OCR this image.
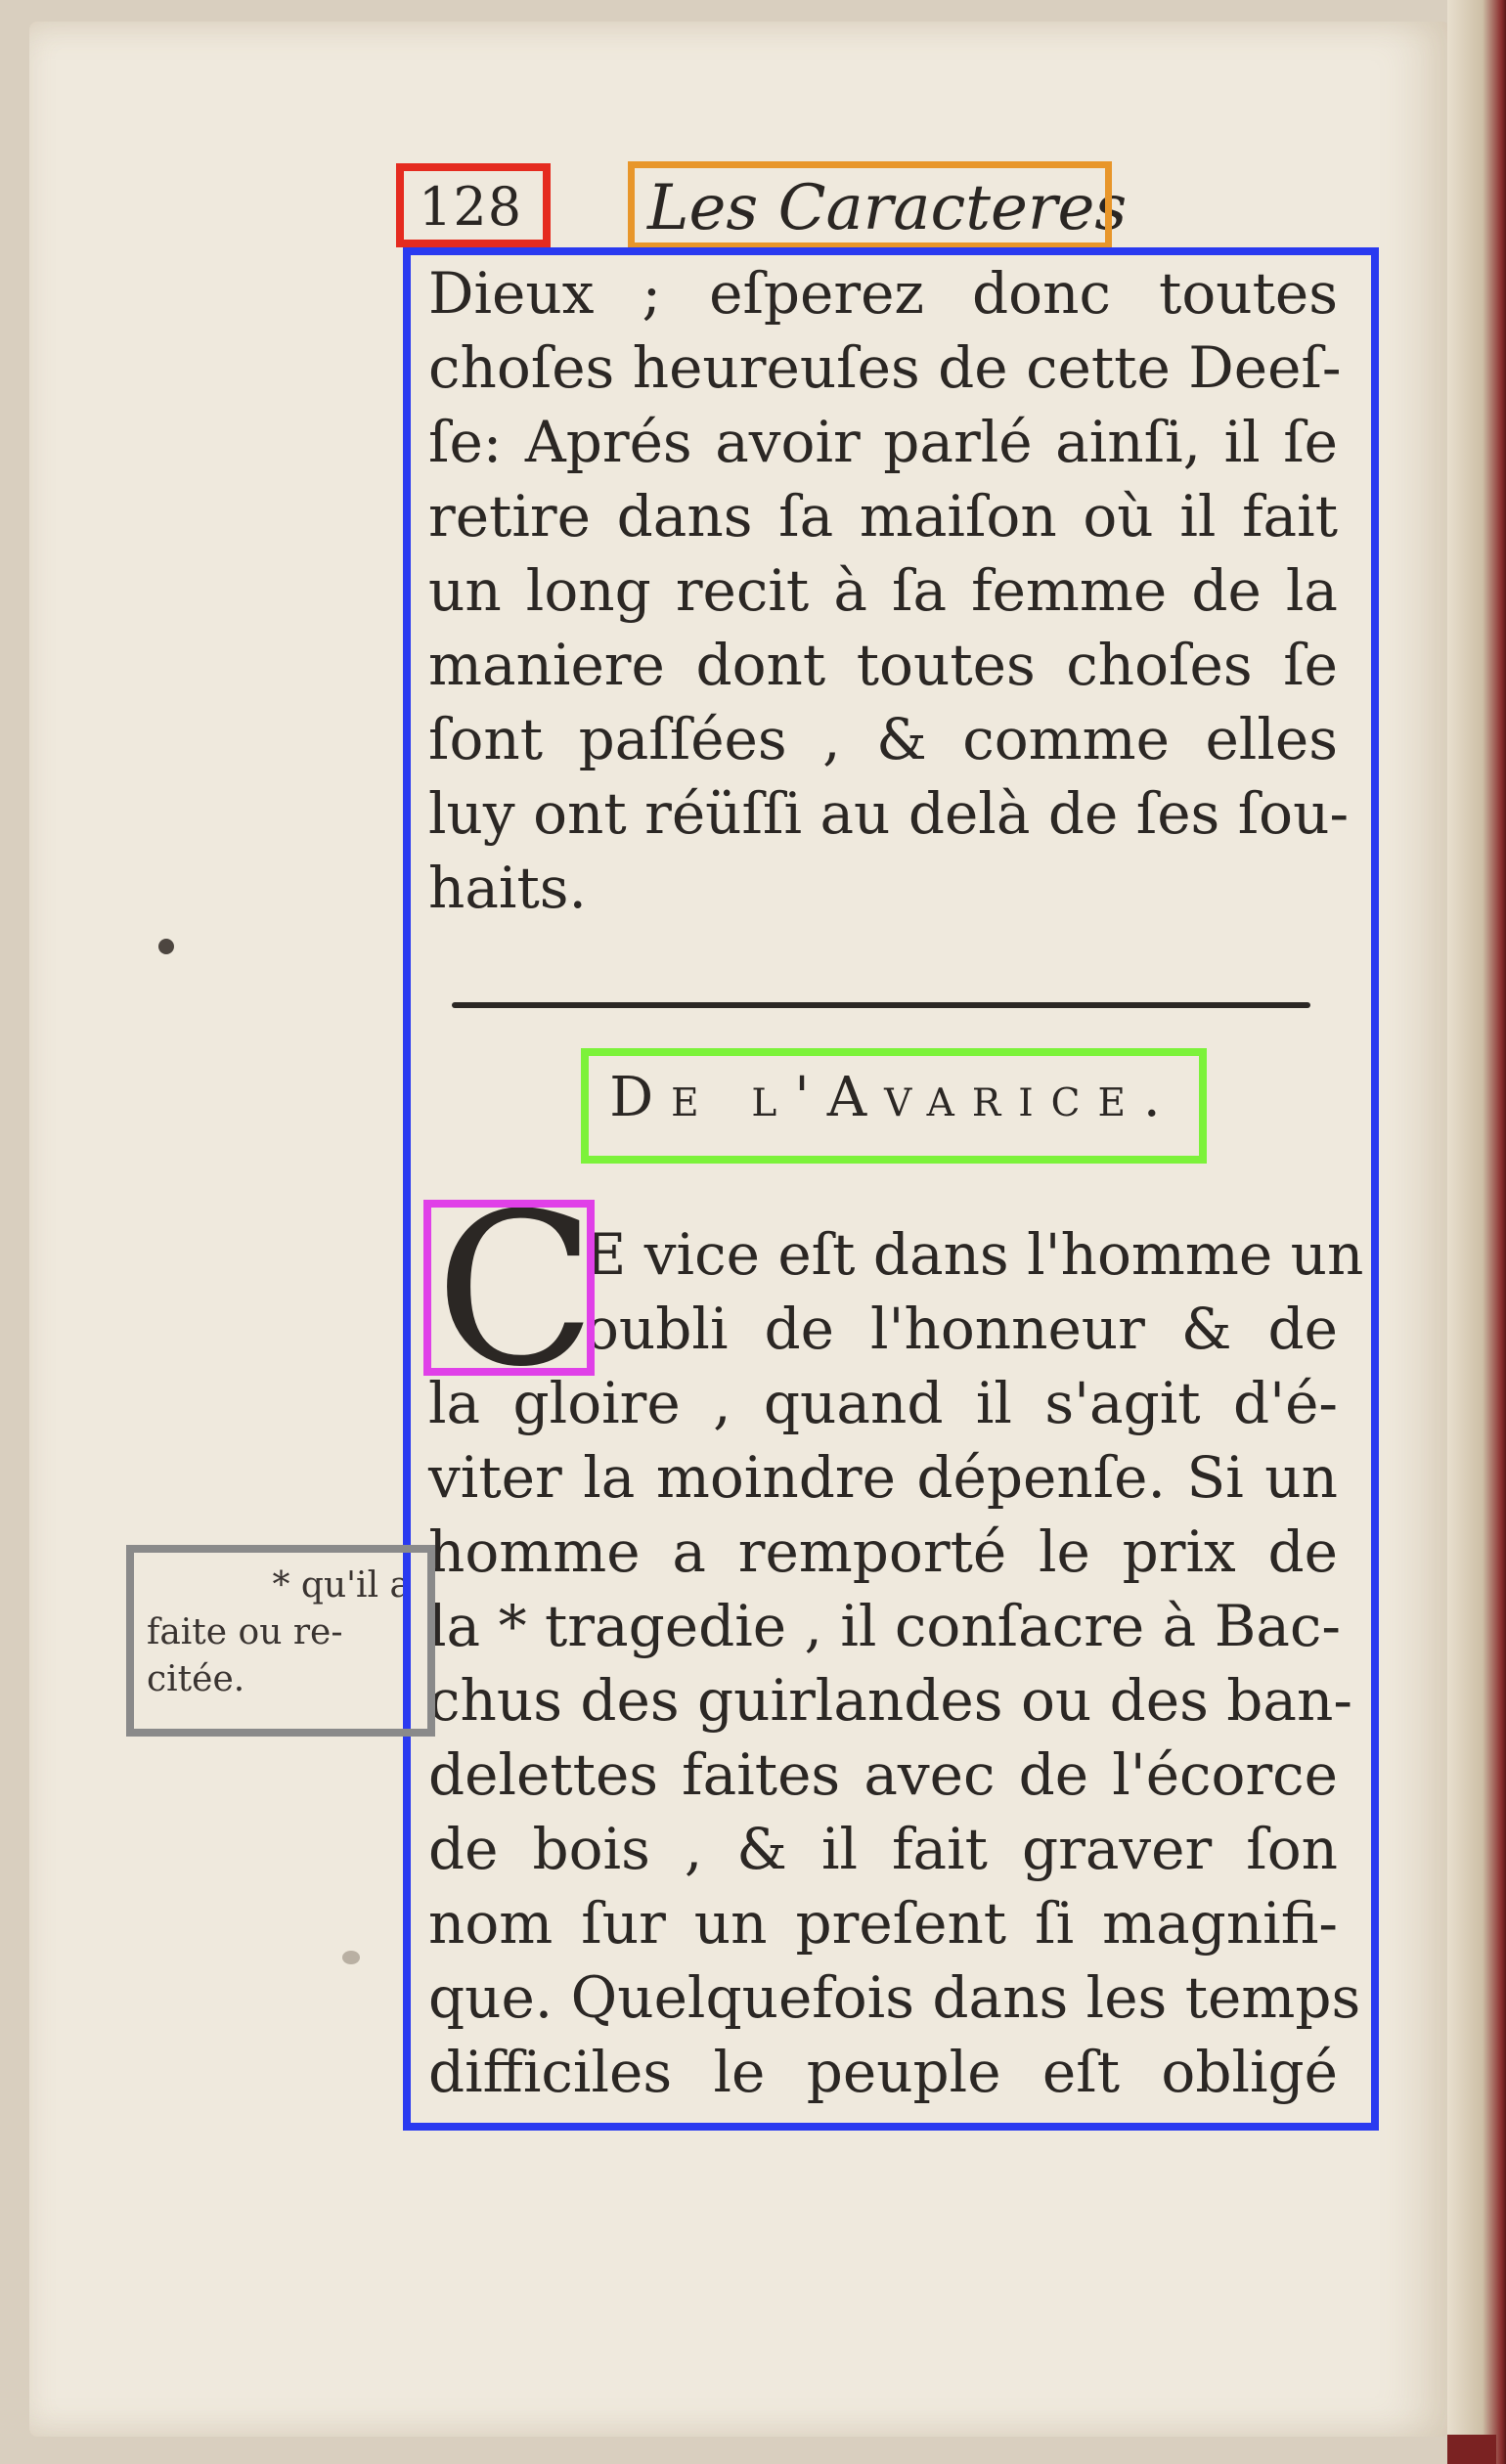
128 Les Caracteres
Dieux ; eſperez donc toutes
choſes heureuſes de cette Deeſ-
ſe: Aprés avoir parlé ainſi, il ſe
retire dans ſa maiſon où il fait
un long recit à ſa femme de la
maniere dont toutes choſes ſe
ſont paſſées , & comme elles
luy ont réüſſi au delà de ſes ſou-
haits.
De l'Avarice.
C
E vice eſt dans l'homme un
oubli de l'honneur & de
la gloire , quand il s'agit d'é-
viter la moindre dépenſe. Si un
homme a remporté le prix de
la * tragedie , il conſacre à Bac-
chus des guirlandes ou des ban-
delettes faites avec de l'écorce
de bois , & il fait graver ſon
nom ſur un preſent ſi magnifi-
que. Quelquefois dans les temps
difficiles le peuple eſt obligé
* qu'il a
faite ou re-
citée.
